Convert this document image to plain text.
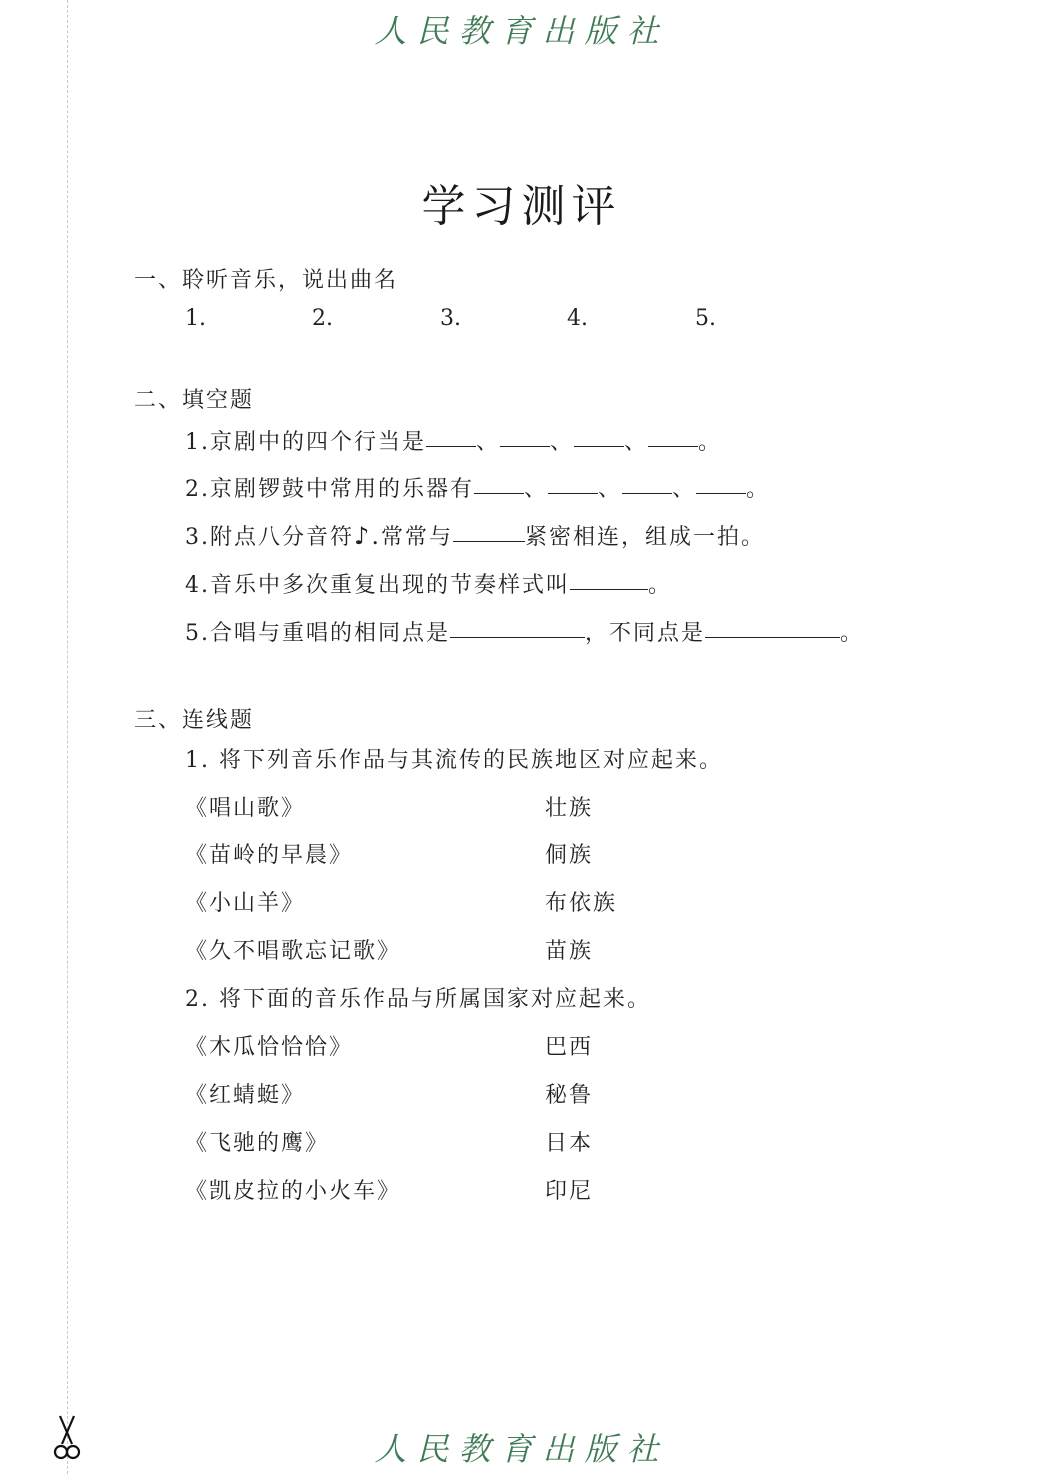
人民教育出版社
学习测评
一、聆听音乐，说出曲名
1.	2.	3.	4.	5.
二、填空题
1.京剧中的四个行当是 、 、 、 。
2.京剧锣鼓中常用的乐器有 、 、 、 。
3.附点八分音符♪.常常与	紧密相连，组成一拍。
4.音乐中多次重复出现的节奏样式叫	。
5.合唱与重唱的相同点是	，不同点是	。
三、连线题
1. 将下列音乐作品与其流传的民族地区对应起来。
《唱山歌》	壮族
《苗岭的早晨》	侗族
《小山羊》	布依族
《久不唱歌忘记歌》	苗族
2. 将下面的音乐作品与所属国家对应起来。
《木瓜恰恰恰》	巴西
《红蜻蜓》	秘鲁
《飞驰的鹰》	日本
《凯皮拉的小火车》	印尼
人民教育出版社
